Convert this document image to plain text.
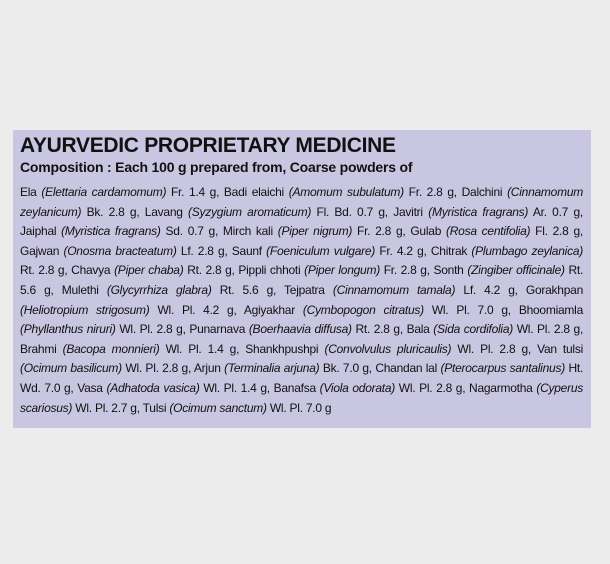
AYURVEDIC PROPRIETARY MEDICINE

Composition : Each 100 g prepared from, Coarse powders of

Ela (Elettaria cardamomum) Fr. 1.4 g, Badi elaichi (Amomum subulatum) Fr. 2.8 g, Dalchini (Cinnamomum zeylanicum) Bk. 2.8 g, Lavang (Syzygium aromaticum) Fl. Bd. 0.7 g, Javitri (Myristica fragrans) Ar. 0.7 g, Jaiphal (Myristica fragrans) Sd. 0.7 g, Mirch kali (Piper nigrum) Fr. 2.8 g, Gulab (Rosa centifolia) Fl. 2.8 g, Gajwan (Onosma bracteatum) Lf. 2.8 g, Saunf (Foeniculum vulgare) Fr. 4.2 g, Chitrak (Plumbago zeylanica) Rt. 2.8 g, Chavya (Piper chaba) Rt. 2.8 g, Pippli chhoti (Piper longum) Fr. 2.8 g, Sonth (Zingiber officinale) Rt. 5.6 g, Mulethi (Glycyrrhiza glabra) Rt. 5.6 g, Tejpatra (Cinnamomum tamala) Lf. 4.2 g, Gorakhpan (Heliotropium strigosum) Wl. Pl. 4.2 g, Agiyakhar (Cymbopogon citratus) Wl. Pl. 7.0 g, Bhoomiamla (Phyllanthus niruri) Wl. Pl. 2.8 g, Punarnava (Boerhaavia diffusa) Rt. 2.8 g, Bala (Sida cordifolia) Wl. Pl. 2.8 g, Brahmi (Bacopa monnieri) Wl. Pl. 1.4 g, Shankhpushpi (Convolvulus pluricaulis) Wl. Pl. 2.8 g, Van tulsi (Ocimum basilicum) Wl. Pl. 2.8 g, Arjun (Terminalia arjuna) Bk. 7.0 g, Chandan lal (Pterocarpus santalinus) Ht. Wd. 7.0 g, Vasa (Adhatoda vasica) Wl. Pl. 1.4 g, Banafsa (Viola odorata) Wl. Pl. 2.8 g, Nagarmotha (Cyperus scariosus) Wl. Pl. 2.7 g, Tulsi (Ocimum sanctum) Wl. Pl. 7.0 g
